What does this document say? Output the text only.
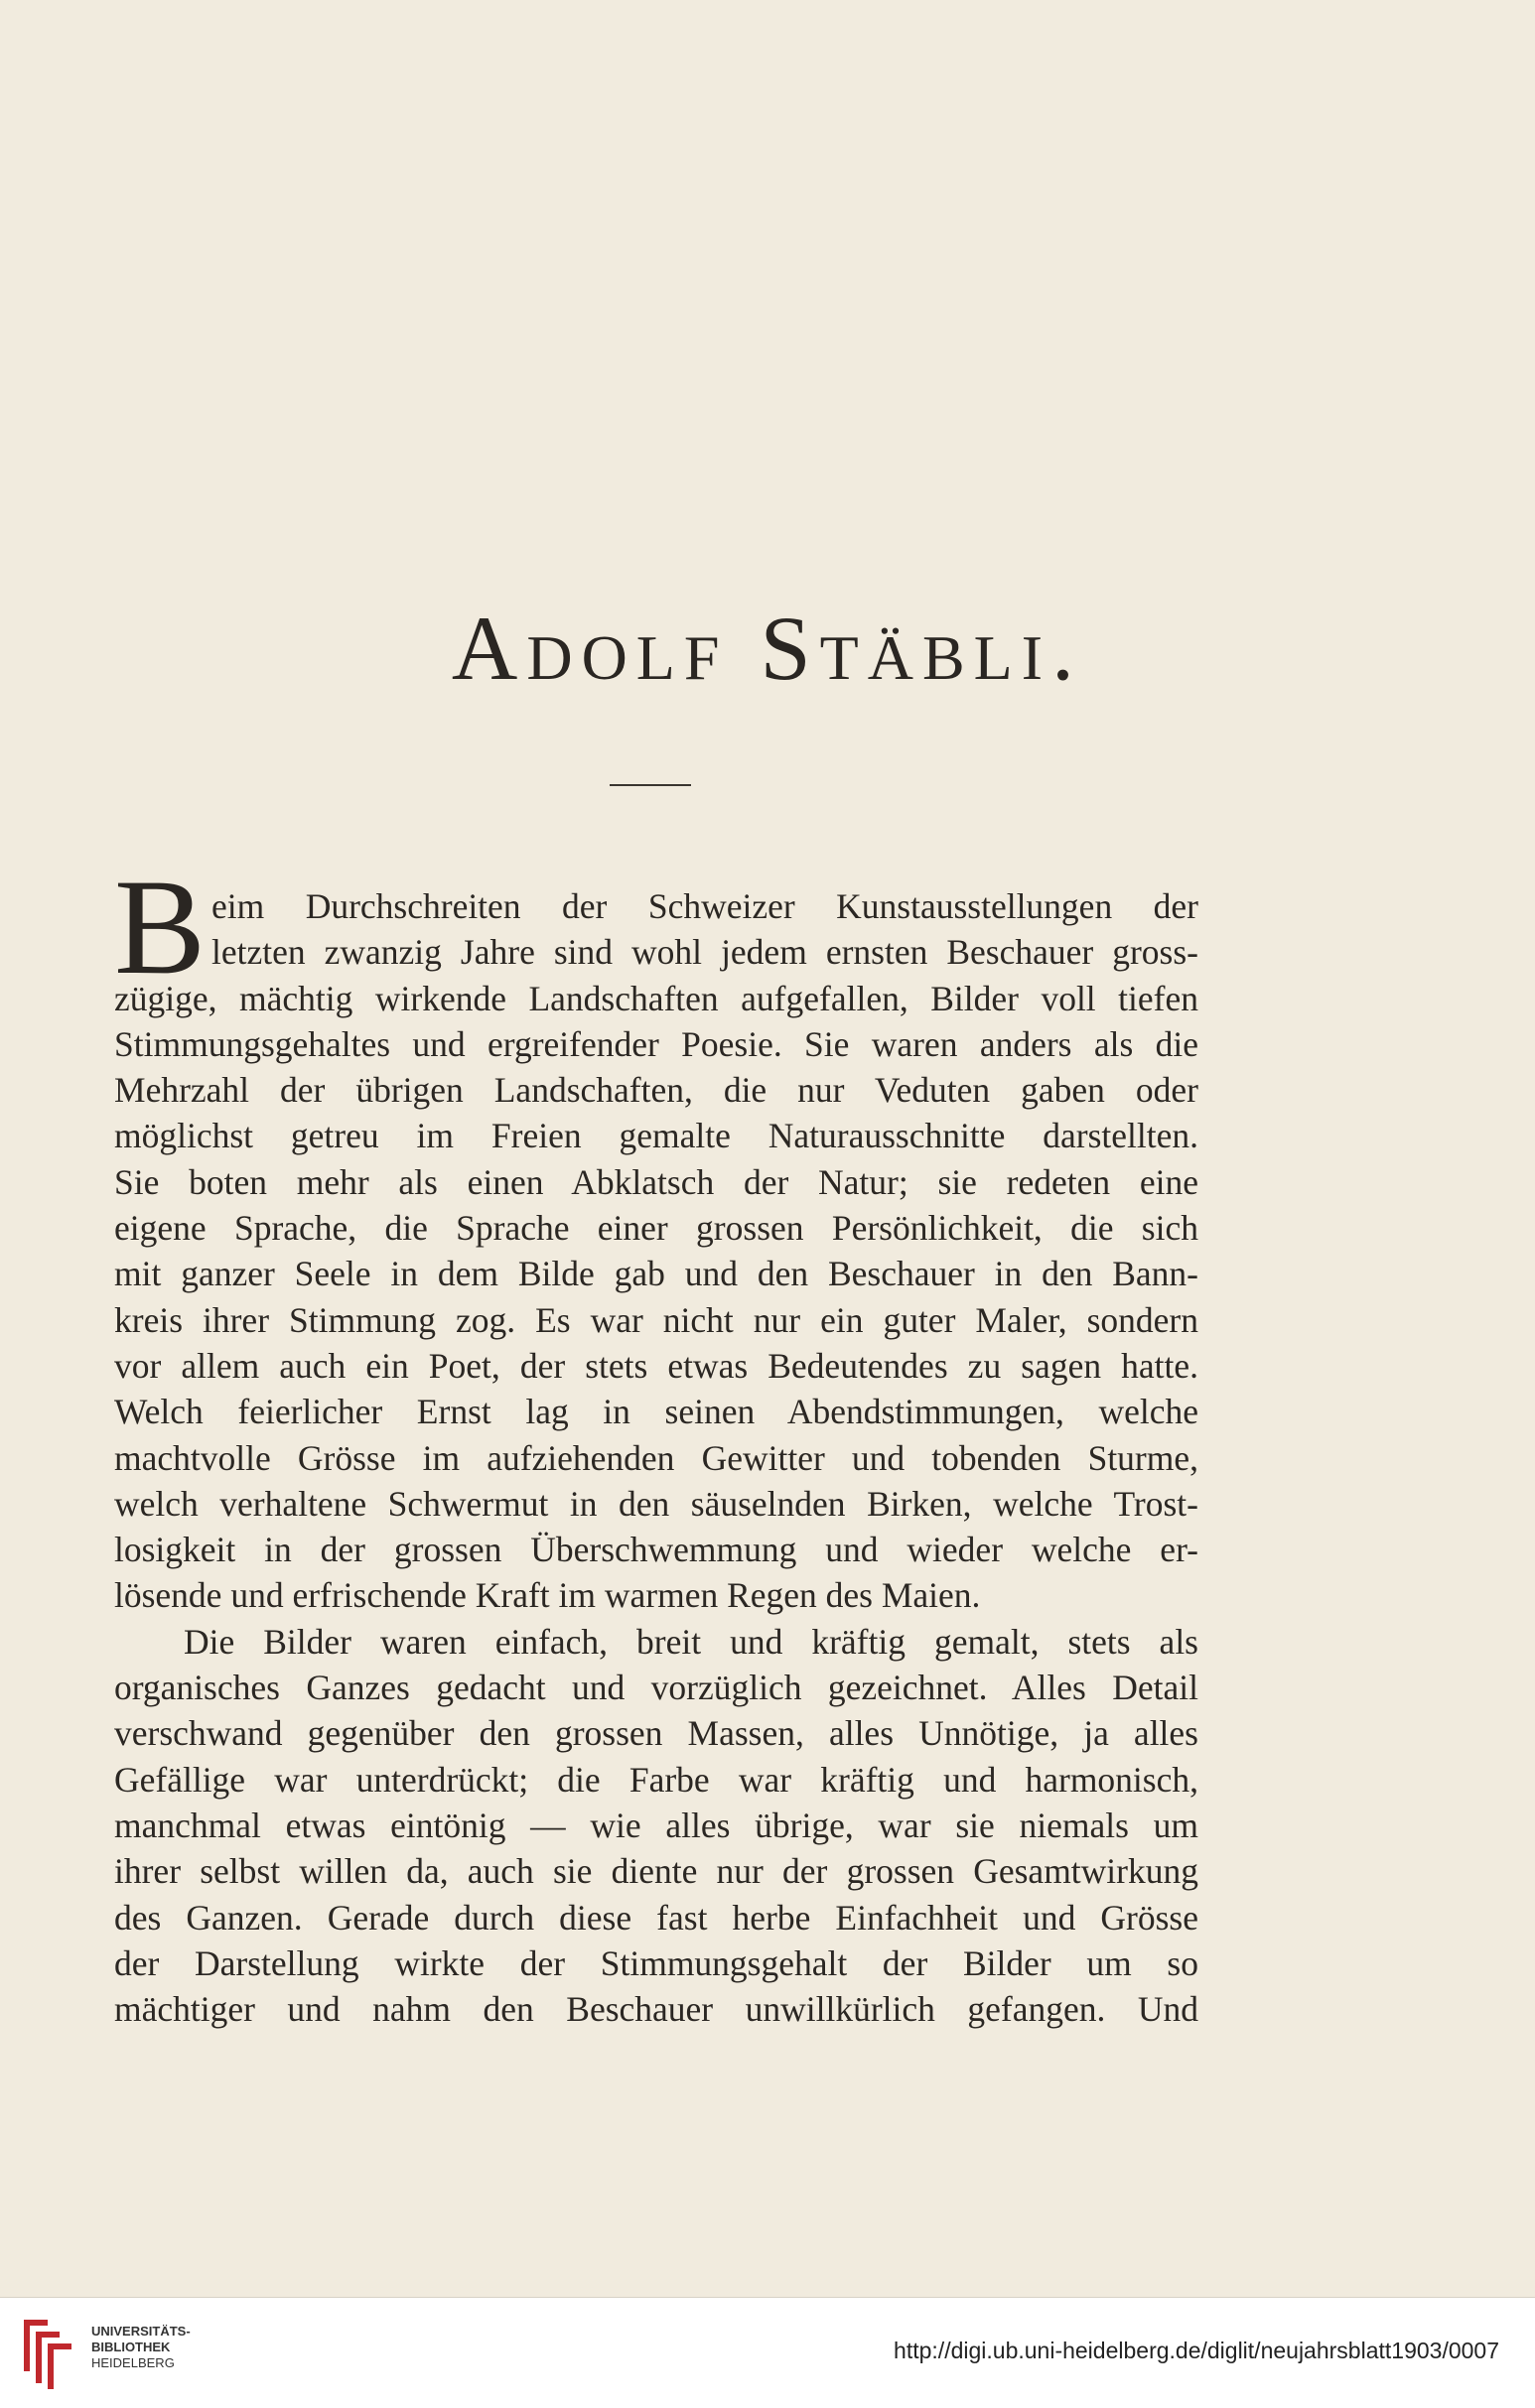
Adolf Stäbli.
B eim Durchschreiten der Schweizer Kunstausstellungen der
letzten zwanzig Jahre sind wohl jedem ernsten Beschauer gross-
zügige, mächtig wirkende Landschaften aufgefallen, Bilder voll tiefen
Stimmungsgehaltes und ergreifender Poesie. Sie waren anders als die
Mehrzahl der übrigen Landschaften, die nur Veduten gaben oder
möglichst getreu im Freien gemalte Naturausschnitte darstellten.
Sie boten mehr als einen Abklatsch der Natur; sie redeten eine
eigene Sprache, die Sprache einer grossen Persönlichkeit, die sich
mit ganzer Seele in dem Bilde gab und den Beschauer in den Bann-
kreis ihrer Stimmung zog. Es war nicht nur ein guter Maler, sondern
vor allem auch ein Poet, der stets etwas Bedeutendes zu sagen hatte.
Welch feierlicher Ernst lag in seinen Abendstimmungen, welche
machtvolle Grösse im aufziehenden Gewitter und tobenden Sturme,
welch verhaltene Schwermut in den säuselnden Birken, welche Trost-
losigkeit in der grossen Überschwemmung und wieder welche er-
lösende und erfrischende Kraft im warmen Regen des Maien.
Die Bilder waren einfach, breit und kräftig gemalt, stets als
organisches Ganzes gedacht und vorzüglich gezeichnet. Alles Detail
verschwand gegenüber den grossen Massen, alles Unnötige, ja alles
Gefällige war unterdrückt; die Farbe war kräftig und harmonisch,
manchmal etwas eintönig — wie alles übrige, war sie niemals um
ihrer selbst willen da, auch sie diente nur der grossen Gesamtwirkung
des Ganzen. Gerade durch diese fast herbe Einfachheit und Grösse
der Darstellung wirkte der Stimmungsgehalt der Bilder um so
mächtiger und nahm den Beschauer unwillkürlich gefangen. Und
UNIVERSITÄTS-
BIBLIOTHEK
HEIDELBERG	http://digi.ub.uni-heidelberg.de/diglit/neujahrsblatt1903/0007
